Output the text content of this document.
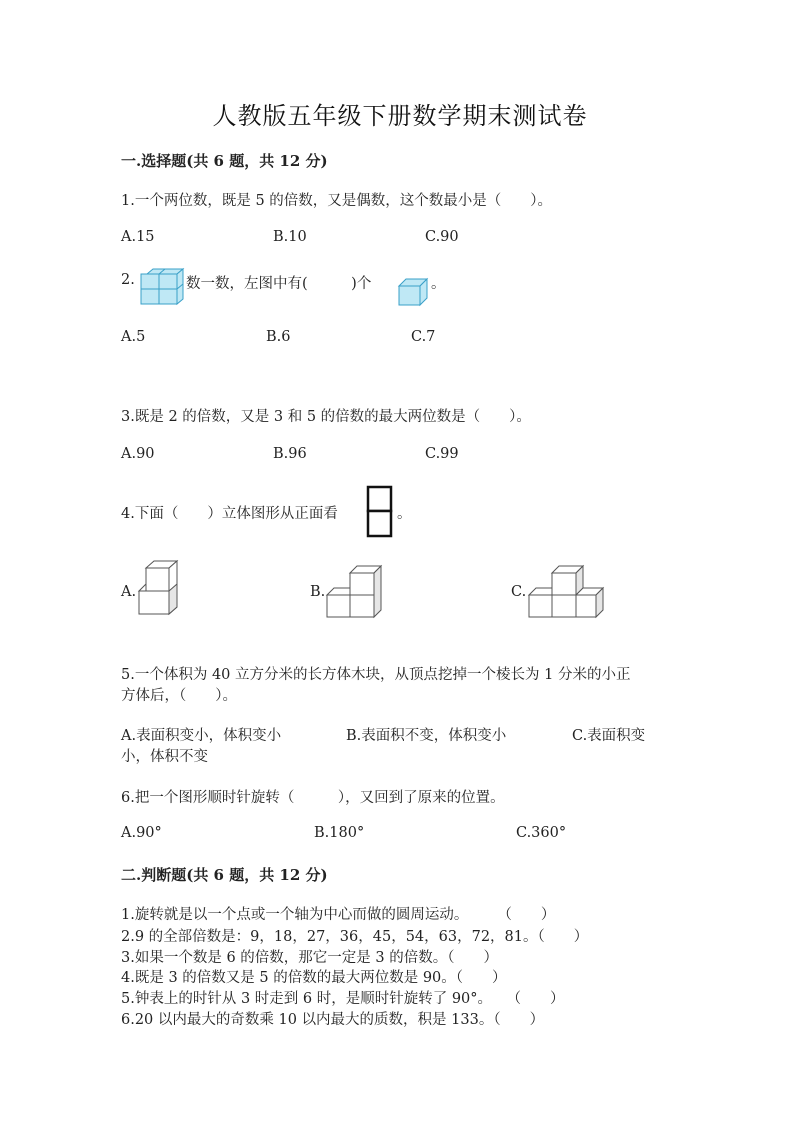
人教版五年级下册数学期末测试卷
一.选择题(共 6 题，共 12 分)
1.一个两位数，既是 5 的倍数，又是偶数，这个数最小是（　　）。
A.15	B.10	C.90
2.	数一数，左图中有(　　　)个	。
A.5	B.6	C.7
3.既是 2 的倍数，又是 3 和 5 的倍数的最大两位数是（　　）。
A.90	B.96	C.99
4.下面（　　）立体图形从正面看	。
A.	B.	C.
5.一个体积为 40 立方分米的长方体木块，从顶点挖掉一个棱长为 1 分米的小正
方体后，（　　）。
A.表面积变小，体积变小	B.表面积不变，体积变小	C.表面积变
小，体积不变
6.把一个图形顺时针旋转（　　　），又回到了原来的位置。
A.90°	B.180°	C.360°
二.判断题(共 6 题，共 12 分)
1.旋转就是以一个点或一个轴为中心而做的圆周运动。　　　（　　）
2.9 的全部倍数是：9，18，27，36，45，54，63，72，81。（　　）
3.如果一个数是 6 的倍数，那它一定是 3 的倍数。（　　）
4.既是 3 的倍数又是 5 的倍数的最大两位数是 90。（　　）
5.钟表上的时针从 3 时走到 6 时，是顺时针旋转了 90°。　　（　　）
6.20 以内最大的奇数乘 10 以内最大的质数，积是 133。（　　）
